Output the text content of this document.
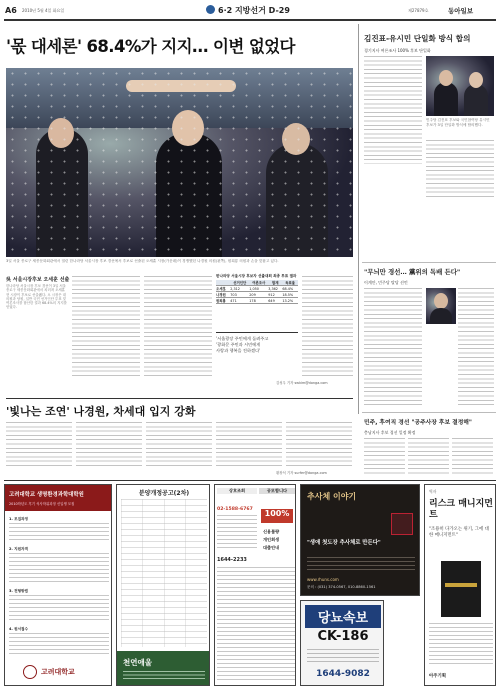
A6 2010년 5월 4일 화요일	6·2 지방선거 D-29	제27879호	동아일보
'몫 대세론' 68.4%가 지지… 이변 없었다
3일 서울 종로구 세종문화회관에서 열린 한나라당 서울시장 후보 경선에서 후보로 선출된 오세훈 시장(가운데)이 경쟁했던 나경원 의원(왼쪽), 원희룡 의원과 손을 맞잡고 있다.
吳 서울시장후보 오세훈 선출
한나라당 서울시장 후보 경선이 3일 서울 종로구 세종문화회관에서 치러져 오세훈 현 시장이 후보로 선출됐다. 오 시장은 대의원과 당원, 일반 국민 선거인단 투표 및 여론조사를 합산한 결과 68.4%의 지지를 얻었다.
한나라당 서울시장 후보자 선출대회 최종 투표 결과
	선거인단	여론조사	합계	득표율
오세훈	2,312	1,050	3,362	68.4%
나경원	703	209	912	18.5%
원희룡	471	178	649	13.2%
'서울광장 주민에게 돌려주고
'광화문 주민과 시민에게
사랑과 행복을 전하겠다'
김성우 기자 swkim@donga.com
김진표-유시민 단일화 방식 합의
경기지사 여론조사 100% 후보 단일화
민주당 김진표 후보와 국민참여당 유시민 후보가 3일 단일화 방식에 합의했다.
"무늬만 경선… 黨위의 독배 든다"
이계안, 민주당 탈당 선언
'빛나는 조연' 나경원, 차세대 입지 강화
황장석 기자 surfer@donga.com
민주, 후여직 경선 "공주사장 후보 결정해"
충남지사 후보 경선 일정 확정
고려대학교 생명환경과학대학원
2010학년도 후기 석사학위과정 신입생 모집
1. 모집과정
2. 지원자격
3. 전형방법
4. 원서접수
고려대학교
분양개정공고(2차)
천연애울
상호조회	공모합니다
02-1588-6767	100%
신용불량
개인회생
대출안내
1644-2233
당뇨속보
CK-186
1644-9082
추사체 이야기
"생애 첫도장 추사체로 만든다"
www.rhuns.com
문의 : (031) 374-0567, 010-8860-1561
역자
리스크 매니지먼트
"조용히 다가오는 위기, 그에 대한 매니지먼트"
아주기획
